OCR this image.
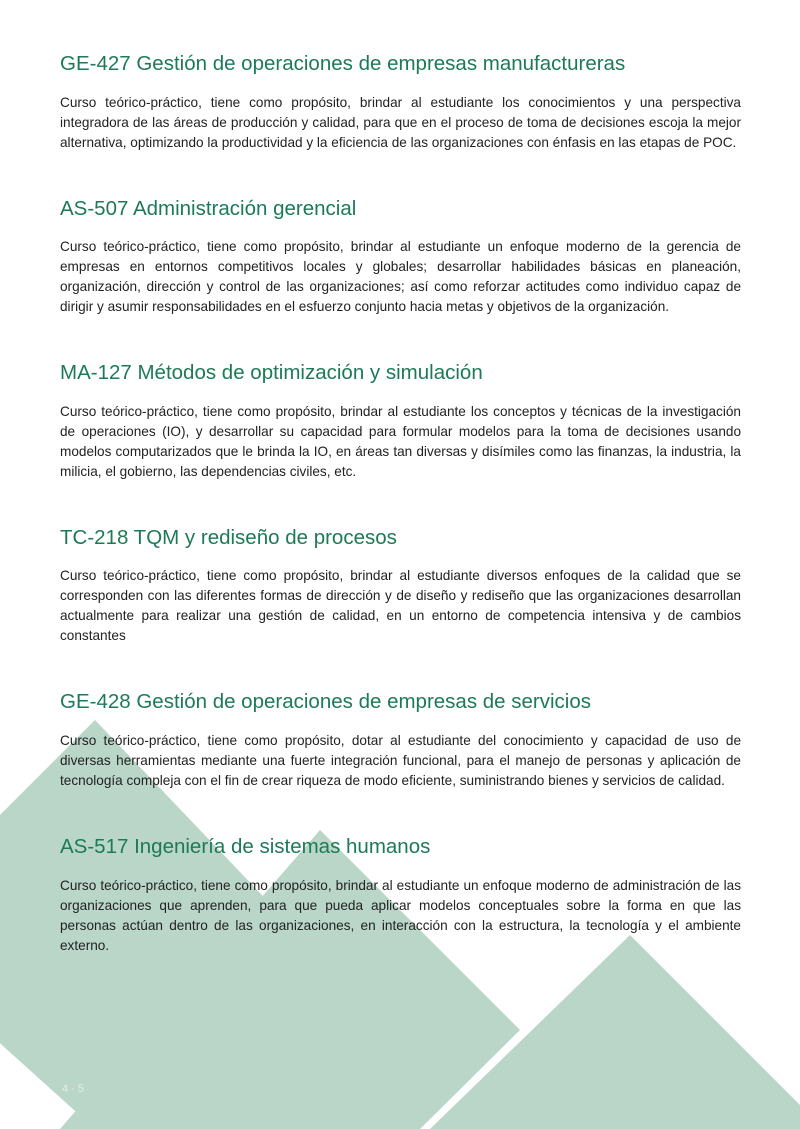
GE-427 Gestión de operaciones de empresas manufactureras

Curso teórico-práctico, tiene como propósito, brindar al estudiante los conocimientos y una perspectiva integradora de las áreas de producción y calidad, para que en el proceso de toma de decisiones escoja la mejor alternativa, optimizando la productividad y la eficiencia de las organizaciones con énfasis en las etapas de POC.

AS-507 Administración gerencial

Curso teórico-práctico, tiene como propósito, brindar al estudiante un enfoque moderno de la gerencia de empresas en entornos competitivos locales y globales; desarrollar habilidades básicas en planeación, organización, dirección y control de las organizaciones; así como reforzar actitudes como individuo capaz de dirigir y asumir responsabilidades en el esfuerzo conjunto hacia metas y objetivos de la organización.

MA-127 Métodos de optimización y simulación

Curso teórico-práctico, tiene como propósito, brindar al estudiante los conceptos y técnicas de la investigación de operaciones (IO), y desarrollar su capacidad para formular modelos para la toma de decisiones usando modelos computarizados que le brinda la IO, en áreas tan diversas y disímiles como las finanzas, la industria, la milicia, el gobierno, las dependencias civiles, etc.

TC-218 TQM y rediseño de procesos

Curso teórico-práctico, tiene como propósito, brindar al estudiante diversos enfoques de la calidad que se corresponden con las diferentes formas de dirección y de diseño y rediseño que las organizaciones desarrollan actualmente para realizar una gestión de calidad, en un entorno de competencia intensiva y de cambios constantes

GE-428 Gestión de operaciones de empresas de servicios

Curso teórico-práctico, tiene como propósito, dotar al estudiante del conocimiento y capacidad de uso de diversas herramientas mediante una fuerte integración funcional, para el manejo de personas y aplicación de tecnología compleja con el fin de crear riqueza de modo eficiente, suministrando bienes y servicios de calidad.

AS-517 Ingeniería de sistemas humanos

Curso teórico-práctico, tiene como propósito, brindar al estudiante un enfoque moderno de administración de las organizaciones que aprenden, para que pueda aplicar modelos conceptuales sobre la forma en que las personas actúan dentro de las organizaciones, en interacción con la estructura, la tecnología y el ambiente externo.

4 · 5
